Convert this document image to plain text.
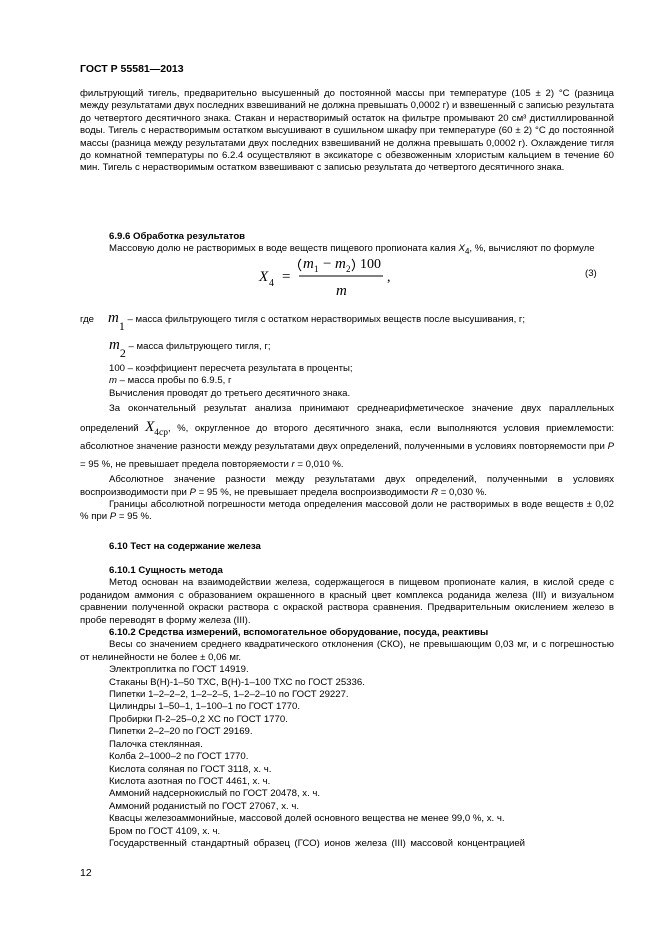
ГОСТ Р 55581—2013

фильтрующий тигель, предварительно высушенный до постоянной массы при температуре (105 ± 2) °С (разница между результатами двух последних взвешиваний не должна превышать 0,0002 г) и взвешенный с записью результата до четвертого десятичного знака. Стакан и нерастворимый остаток на фильтре промывают 20 см³ дистиллированной воды. Тигель с нерастворимым остатком высушивают в сушильном шкафу при температуре (60 ± 2) °С до постоянной массы (разница между результатами двух последних взвешиваний не должна превышать 0,0002 г). Охлаждение тигля до комнатной температуры по 6.2.4 осуществляют в эксикаторе с обезвоженным хлористым кальцием в течение 60 мин. Тигель с нерастворимым остатком взвешивают с записью результата до четвертого десятичного знака.

6.9.6 Обработка результатов

Массовую долю не растворимых в воде веществ пищевого пропионата калия $X_4$, %, вычисляют по формуле

X 4 =
m 1 − m 2 100
m
,	(3)
где m1 – масса фильтрующего тигля с остатком нерастворимых веществ после высушивания, г;
m2 – масса фильтрующего тигля, г;

100 – коэффициент пересчета результата в проценты;

m – масса пробы по 6.9.5, г

Вычисления проводят до третьего десятичного знака.

За окончательный результат анализа принимают среднеарифметическое значение двух параллельных определений X4ср, %, округленное до второго десятичного знака, если выполняются условия приемлемости: абсолютное значение разности между результатами двух определений, полученными в условиях повторяемости при P = 95 %, не превышает предела повторяемости r = 0,010 %.

Абсолютное значение разности между результатами двух определений, полученными в условиях воспроизводимости при P = 95 %, не превышает предела воспроизводимости R = 0,030 %.

Границы абсолютной погрешности метода определения массовой доли не растворимых в воде веществ ± 0,02 % при P = 95 %.

6.10 Тест на содержание железа

6.10.1 Сущность метода

Метод основан на взаимодействии железа, содержащегося в пищевом пропионате калия, в кислой среде с роданидом аммония с образованием окрашенного в красный цвет комплекса роданида железа (III) и визуальном сравнении полученной окраски раствора с окраской раствора сравнения. Предварительным окислением железо в пробе переводят в форму железа (III).

6.10.2 Средства измерений, вспомогательное оборудование, посуда, реактивы

Весы со значением среднего квадратического отклонения (СКО), не превышающим 0,03 мг, и с погрешностью от нелинейности не более ± 0,06 мг.

Электроплитка по ГОСТ 14919.

Стаканы В(Н)-1–50 ТХС, В(Н)-1–100 ТХС по ГОСТ 25336.

Пипетки 1–2–2–2, 1–2–2–5, 1–2–2–10 по ГОСТ 29227.

Цилиндры 1–50–1, 1–100–1 по ГОСТ 1770.

Пробирки П-2–25–0,2 ХС по ГОСТ 1770.

Пипетки 2–2–20 по ГОСТ 29169.

Палочка стеклянная.

Колба 2–1000–2 по ГОСТ 1770.

Кислота соляная по ГОСТ 3118, х. ч.

Кислота азотная по ГОСТ 4461, х. ч.

Аммоний надсернокислый по ГОСТ 20478, х. ч.

Аммоний роданистый по ГОСТ 27067, х. ч.

Квасцы железоаммонийные, массовой долей основного вещества не менее 99,0 %, х. ч.

Бром по ГОСТ 4109, х. ч.

Государственный стандартный образец (ГСО) ионов железа (III) массовой концентрацией

12
